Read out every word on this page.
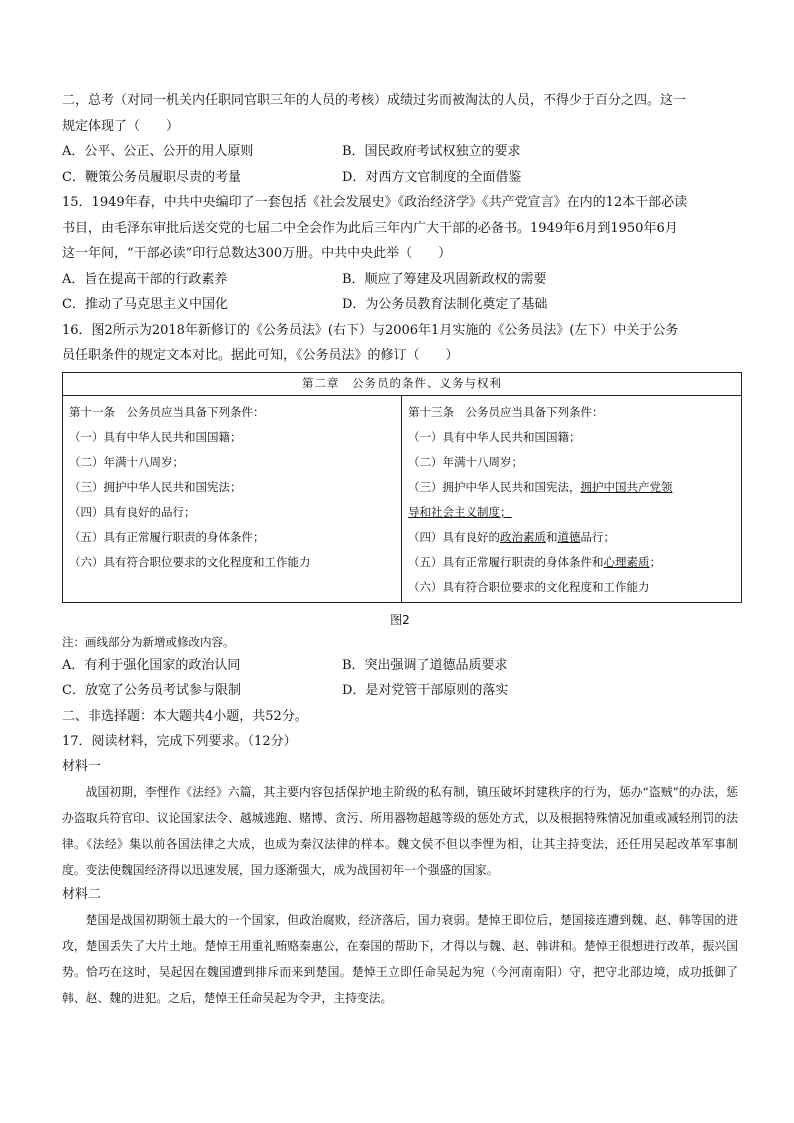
二，总考（对同一机关内任职同官职三年的人员的考核）成绩过劣而被淘汰的人员，不得少于百分之四。这一
规定体现了（　　）
A．公平、公正、公开的用人原则	B．国民政府考试权独立的要求
C．鞭策公务员履职尽责的考量	D．对西方文官制度的全面借鉴
15．1949年春，中共中央编印了一套包括《社会发展史》《政治经济学》《共产党宣言》在内的12本干部必读
书目，由毛泽东审批后送交党的七届二中全会作为此后三年内广大干部的必备书。1949年6月到1950年6月
这一年间，“干部必读”印行总数达300万册。中共中央此举（　　）
A．旨在提高干部的行政素养	B．顺应了筹建及巩固新政权的需要
C．推动了马克思主义中国化	D．为公务员教育法制化奠定了基础
16．图2所示为2018年新修订的《公务员法》(右下）与2006年1月实施的《公务员法》(左下）中关于公务
员任职条件的规定文本对比。据此可知，《公务员法》的修订（　　）
第二章　公务员的条件、义务与权利

第十一条　公务员应当具备下列条件：
（一）具有中华人民共和国国籍；
（二）年满十八周岁；
（三）拥护中华人民共和国宪法；
（四）具有良好的品行；
（五）具有正常履行职责的身体条件；
（六）具有符合职位要求的文化程度和工作能力

第十三条　公务员应当具备下列条件：
（一）具有中华人民共和国国籍；
（二）年满十八周岁；
（三）拥护中华人民共和国宪法，拥护中国共产党领
导和社会主义制度；
（四）具有良好的政治素质和道德品行；
（五）具有正常履行职责的身体条件和心理素质；
（六）具有符合职位要求的文化程度和工作能力
图2
注：画线部分为新增或修改内容。
A．有利于强化国家的政治认同	B．突出强调了道德品质要求
C．放宽了公务员考试参与限制	D．是对党管干部原则的落实
二、非选择题：本大题共4小题，共52分。
17．阅读材料，完成下列要求。（12分）
材料一

战国初期，李悝作《法经》六篇，其主要内容包括保护地主阶级的私有制，镇压破坏封建秩序的行为，惩办“盗贼”的办法，惩办盗取兵符官印、议论国家法令、越城逃跑、赌博、贪污、所用器物超越等级的惩处方式，以及根据特殊情况加重或减轻刑罚的法律。《法经》集以前各国法律之大成，也成为秦汉法律的样本。魏文侯不但以李悝为相，让其主持变法，还任用吴起改革军事制度。变法使魏国经济得以迅速发展，国力逐渐强大，成为战国初年一个强盛的国家。

材料二

楚国是战国初期领土最大的一个国家，但政治腐败，经济落后，国力衰弱。楚悼王即位后，楚国接连遭到魏、赵、韩等国的进攻，楚国丢失了大片土地。楚悼王用重礼贿赂秦惠公，在秦国的帮助下，才得以与魏、赵、韩讲和。楚悼王很想进行改革，振兴国势。恰巧在这时，吴起因在魏国遭到排斥而来到楚国。楚悼王立即任命吴起为宛（今河南南阳）守，把守北部边境，成功抵御了韩、赵、魏的进犯。之后，楚悼王任命吴起为令尹，主持变法。
